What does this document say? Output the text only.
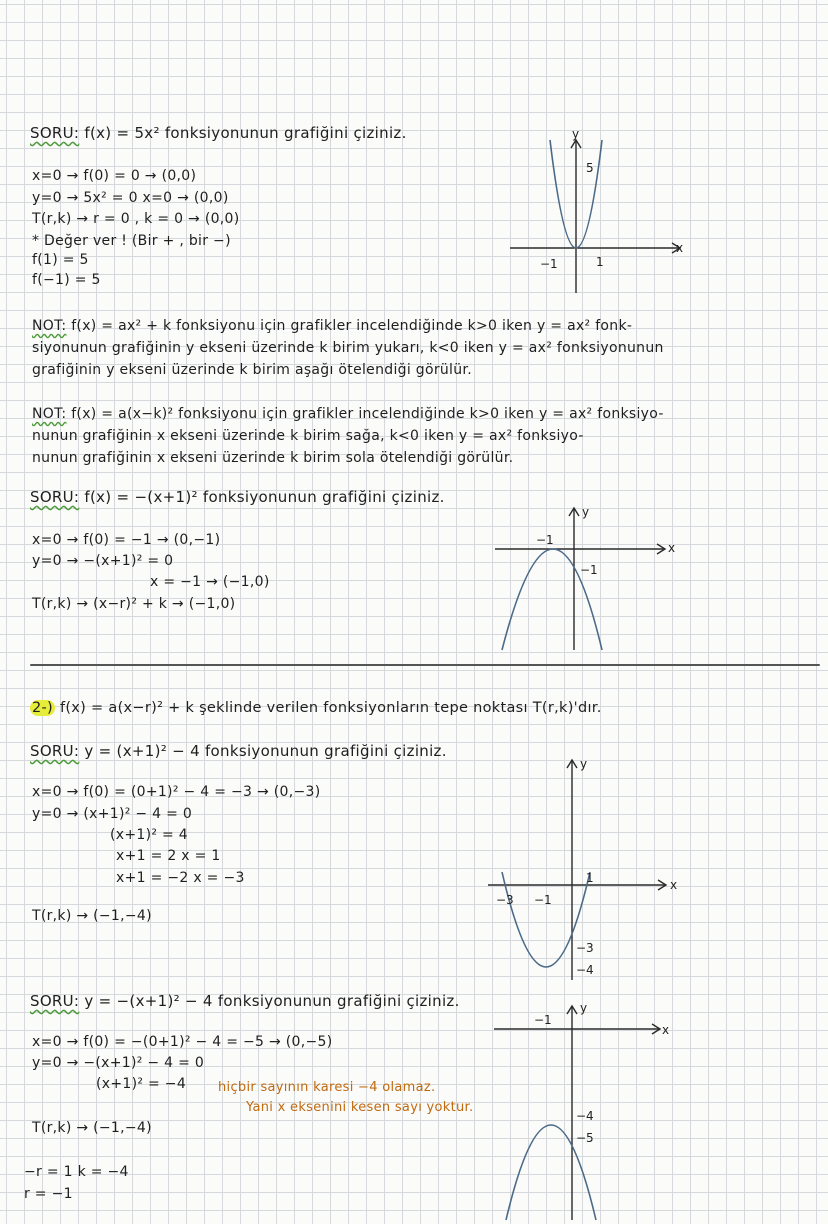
SORU: f(x) = 5x² fonksiyonunun grafiğini çiziniz.
x=0 → f(0) = 0 → (0,0)
y=0 → 5x² = 0 x=0 → (0,0)
T(r,k) → r = 0 , k = 0 → (0,0)
* Değer ver ! (Bir + , bir −)
f(1) = 5
f(−1) = 5
x
y
5
−1	1
NOT: f(x) = ax² + k fonksiyonu için grafikler incelendiğinde k>0 iken y = ax² fonk-
siyonunun grafiğinin y ekseni üzerinde k birim yukarı, k<0 iken y = ax² fonksiyonunun
grafiğinin y ekseni üzerinde k birim aşağı ötelendiği görülür.
NOT: f(x) = a(x−k)² fonksiyonu için grafikler incelendiğinde k>0 iken y = ax² fonksiyo-
nunun grafiğinin x ekseni üzerinde k birim sağa, k<0 iken y = ax² fonksiyo-
nunun grafiğinin x ekseni üzerinde k birim sola ötelendiği görülür.
SORU: f(x) = −(x+1)² fonksiyonunun grafiğini çiziniz.
x=0 → f(0) = −1 → (0,−1)
y=0 → −(x+1)² = 0
x = −1 → (−1,0)
T(r,k) → (x−r)² + k → (−1,0)
x
y
−1
−1
2-) f(x) = a(x−r)² + k şeklinde verilen fonksiyonların tepe noktası T(r,k)'dır.
SORU: y = (x+1)² − 4 fonksiyonunun grafiğini çiziniz.
x=0 → f(0) = (0+1)² − 4 = −3 → (0,−3)
y=0 → (x+1)² − 4 = 0
(x+1)² = 4
x+1 = 2 x = 1
x+1 = −2 x = −3
T(r,k) → (−1,−4)
x
y
−3 −1
1
−3
−4
SORU: y = −(x+1)² − 4 fonksiyonunun grafiğini çiziniz.
x=0 → f(0) = −(0+1)² − 4 = −5 → (0,−5)
y=0 → −(x+1)² − 4 = 0
(x+1)² = −4 hiçbir sayının karesi −4 olamaz.
Yani x eksenini kesen sayı yoktur.
T(r,k) → (−1,−4)
−r = 1 k = −4
r = −1
x
y
−1
−4
−5
